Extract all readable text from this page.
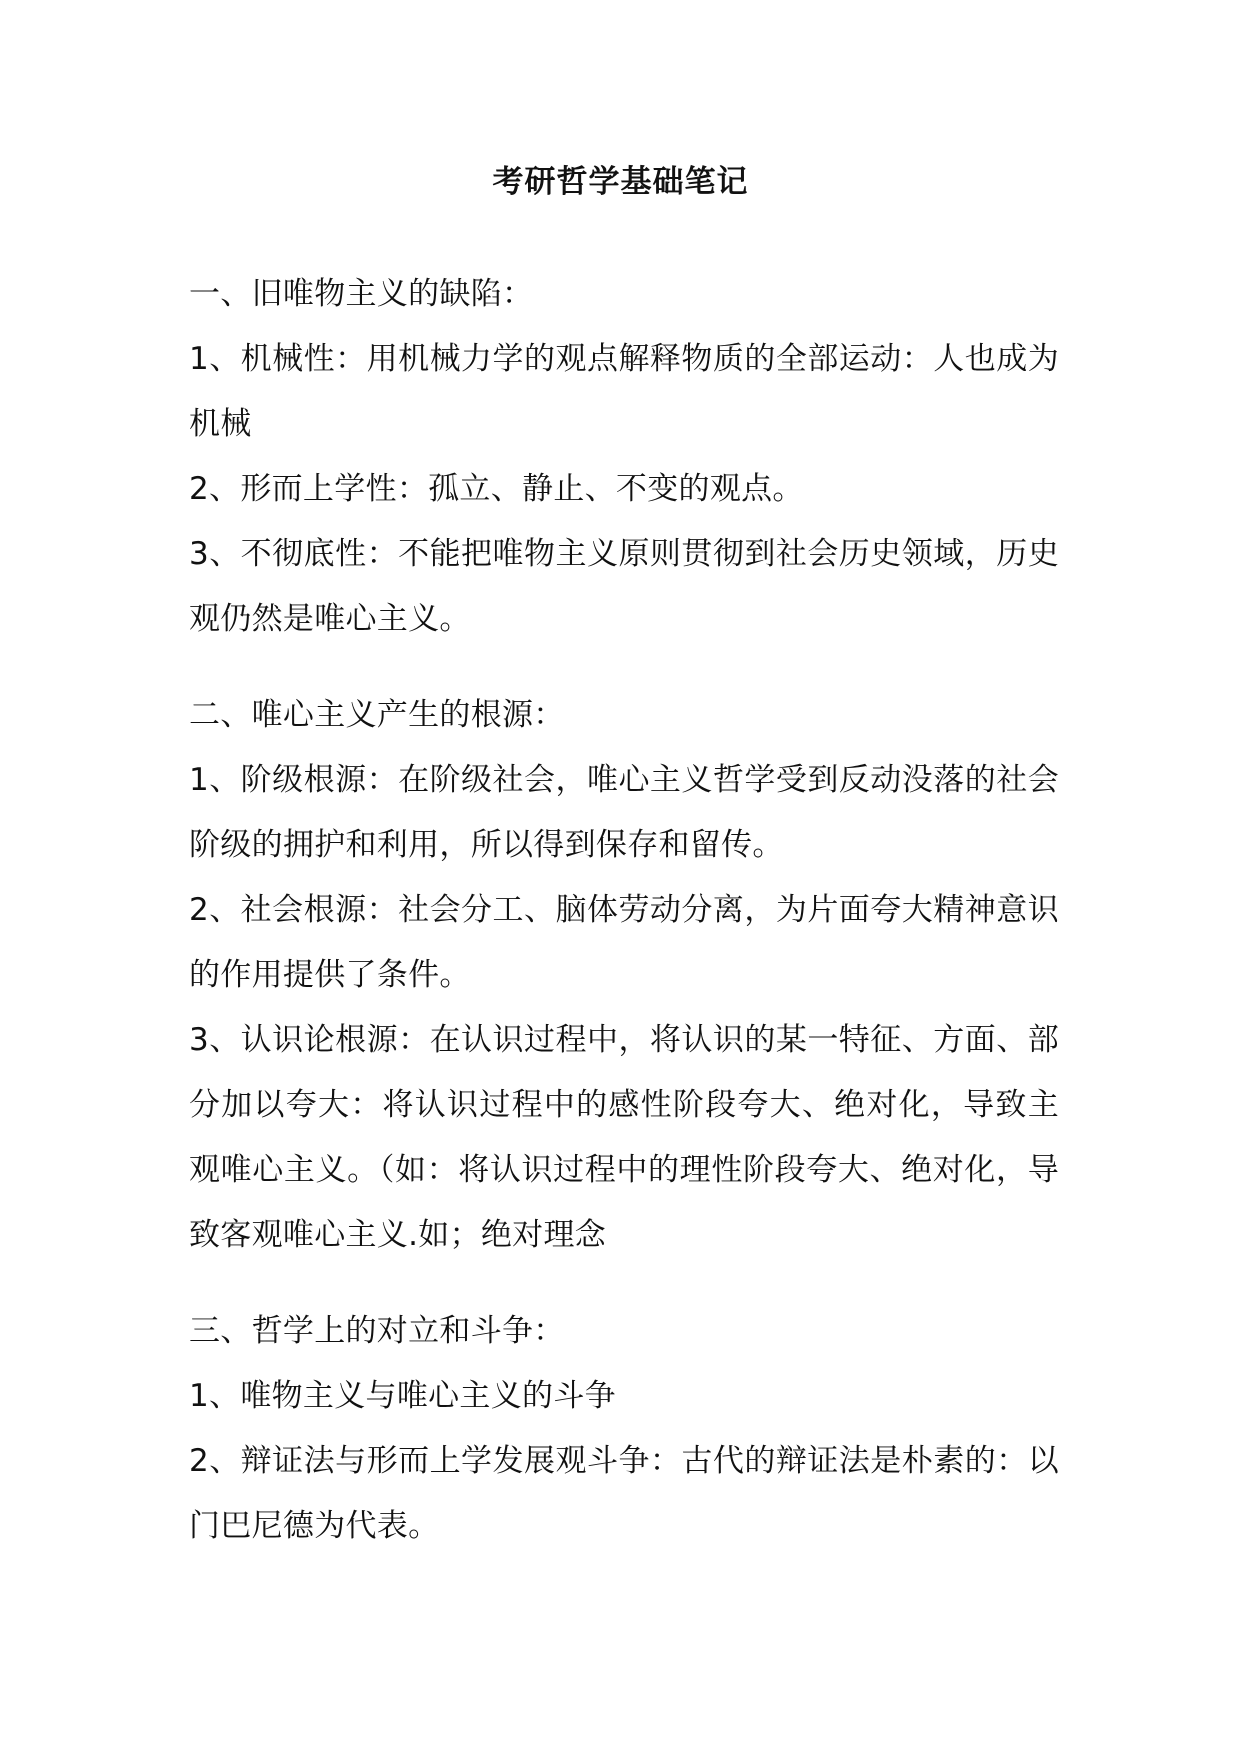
考研哲学基础笔记

一、旧唯物主义的缺陷：

1、机械性：用机械力学的观点解释物质的全部运动：人也成为机械

2、形而上学性：孤立、静止、不变的观点。

3、不彻底性：不能把唯物主义原则贯彻到社会历史领域，历史观仍然是唯心主义。

二、唯心主义产生的根源：

1、阶级根源：在阶级社会，唯心主义哲学受到反动没落的社会阶级的拥护和利用，所以得到保存和留传。

2、社会根源：社会分工、脑体劳动分离，为片面夸大精神意识的作用提供了条件。

3、认识论根源：在认识过程中，将认识的某一特征、方面、部分加以夸大：将认识过程中的感性阶段夸大、绝对化，导致主观唯心主义。（如：将认识过程中的理性阶段夸大、绝对化，导致客观唯心主义.如；绝对理念

三、哲学上的对立和斗争：

1、唯物主义与唯心主义的斗争

2、辩证法与形而上学发展观斗争：古代的辩证法是朴素的：以门巴尼德为代表。
